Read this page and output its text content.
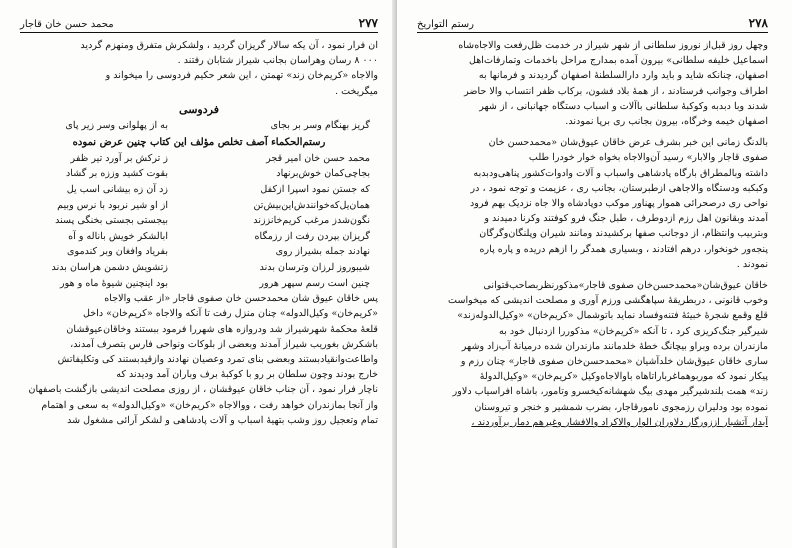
۲۷۷
محمد حسن خان قاجار
ان فرار نمود ، آن یکه سالار گریزان گردید ، ولشکرش متفرق ومنهزم گردید
۰۰۰ ۸ رسان وهراسان بجانب شیراز شتابان رفتند .
والاجاه «کریم‌خان زند» تهمتن ، این شعر حکیم فردوسی را میخواند و
میگریخت .
فردوسی
گریز بهنگام وسر بر بجای
به از پهلوانی وسر زیر پای
رستم‌الحکماء آصف تخلص مؤلف این کتاب چنین عرض نموده
محمد حسن خان امیر قجر
ز ترکش بر آورد تیر ظفر
بجاچی‌کمان خوش‌برنهاد
بقوت کشید وززه بر گشاد
که جستن نمود اسپرا ازکفل
زد آن زه بیشانی اسب یل
همان‌یل‌که‌خوانندش‌این‌بیش‌تن
از او شیر نربود با نرس وبیم
نگون‌شدز مرغب کریم‌خانززند
بیجستی بجستی بخنگی پسند
گریزان بپردن رفت از رزمگاه
ابالشکر خویش باناله و آه
نهادند جمله بشیراز روی
بفریاد وافغان وبر کندموی
شیبوروز لرزان وترسان بدند
زتشویش دشمن هراسان بدند
چنین است رسم سپهر هرور
بود اینچنین شیوهٔ ماه و هور
پس خاقان عیوق شان محمدحسن خان صفوی قاجار «از عقب والاجاه
«کریم‌خان» وکیل‌الدوله» چنان منزل رفت تا آنکه والاجاه «کریم‌خان» داخل
قلعهٔ محکمهٔ شهرشیراز شد ودروازه های شهررا فرمود ببستند وخاقان‌عیوقشان
باشکرش بغوریب شیراز آمدند وبعضی از بلوکات ونواحی فارس بتصرف آمدند،
واطاعت‌وانقیادبستند وبعضی بنای تمرد وعصیان نهادند وازقیدبستند کی وتکلیفاتش
خارج بودند وچون سلطان بر رو با کوکبهٔ برف وباران آمد ودیدند که
ناچار فرار نمود ، آن جناب خاقان عیوقشان ، از روزی مصلحت اندیشی بازگشت باصفهان
واز آنجا بمازندران خواهد رفت ، ووالاجاه «کریم‌خان» «وکیل‌الدوله» به سعی و اهتمام
تمام وتعجیل روز وشب بتهیهٔ اسباب و آلات پادشاهی و لشکر آرائی مشغول شد
۲۷۸
رستم التواریخ
وچهل روز قبل‌از نوروز سلطانی از شهر شیراز در خدمت ظل‌رفعت والاجاه‌شاه
اسماعیل خلیفه سلطانی» بیرون آمده بمدارج مراحل باخدمات وتمارفات‌اهل
اصفهان، چنانکه شاید و باید وارد دارالسلطنهٔ اصفهان گردیدند و فرمانها به
اطراف وجوانب فرستادند ، از همهٔ بلاد فشون، برکاب ظفر انتساب والا حاضر
شدند وبا دبدبه وکوکبهٔ سلطانی باآلات و اسباب دستگاه جهانبانی ، از شهر
اصفهان خیمه وخرگاه، بیرون بجانب ری برپا نمودند.
بالدنگ زمانی این خبر بشرف عرض خاقان عیوق‌شان «محمدحسن خان
صفوی قاجار والابار» رسید آن‌والاجاه بخواه خوار خودرا طلب
داشته وبالمطراق بارگاه پادشاهی واسباب و آلات وادوات‌کشور پناهی‌ودبدبه
وکبکبه ودستگاه والاجاهی ازطبرستان، بجانب ری ، عزیمت و توجه نمود ، در
نواحی ری درصحرائی هموار پهناور موکب دوپادشاه والا جاه نزدیک بهم فرود
آمدند وبقانون اهل رزم ازدوطرف ، طبل جنگ فرو کوفتند وکرنا دمیدند و
وبتربیب وانتظام، از دوجانب صفها برکشیدند ومانند شیران وپلنگان‌وگرگان
پنجه‌ور خونخوار، درهم افتادند ، وبسیاری همدگر را ازهم دریده و پاره پاره
نمودند .
خاقان عیوق‌شان«محمدحسن‌خان صفوی قاجار»مذکورنظربصاحب‌قتوانی
وخوب قانونی ، دربطریقهٔ سپاهگشی ورزم آوری و مصلحت اندیشی که میخواست
قلع وقمع شجرهٔ خبیثهٔ فتنه‌وفساد نماید باتوشمال «کریم‌خان» «وکیل‌الدوله‌زند»
شیرگیر جنگ‌کریزی کرد ، تا آنکه «کریم‌خان» مذکوررا ازدنبال خود به
مازندران برده وبراو بیچانگ خطهٔ خلدمانند مازندران شده درمیانهٔ آب‌زاد وشهر
ساری خاقان عیوق‌شان خلدآشیان «محمدحسن‌خان صفوی قاجار» چنان رزم و
پیکار نمود که موربوهماغرباراتاهاه باوالاجاه‌وکیل «کریم‌خان» «وکیل‌الدولهٔ
زند» همت بلندشیرگیر مهدی بیگ شهشانه‌کیخسرو وتامور، باشاه افراسیاب دلاور
نموده بود ودلیران رزمجوی نامورقاجار، بضرب شمشیر و خنجر و تیرو‌سنان
آبدار آتشبار اززورگار دلاوران الوار والاکراد والافشار وغیرهم دمار برآوردند ،
